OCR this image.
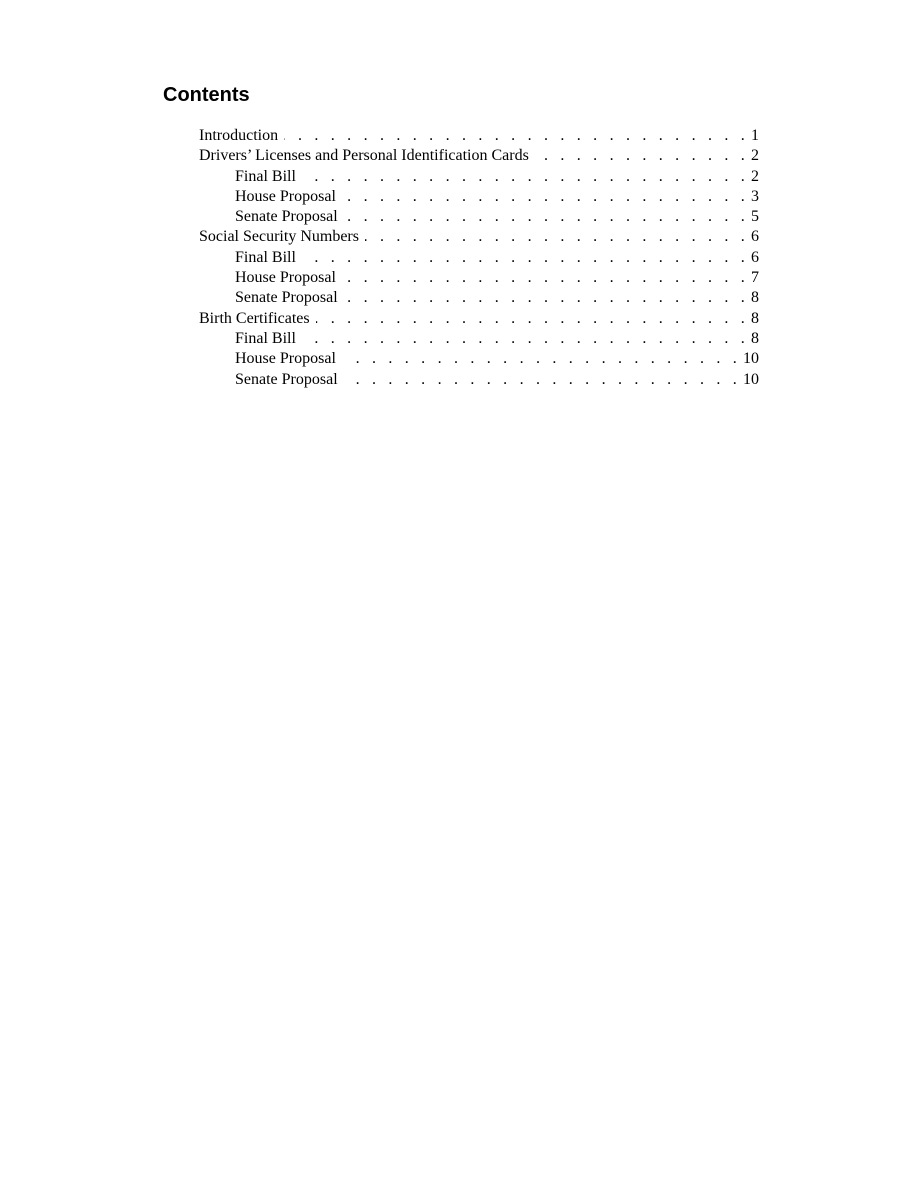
Contents
Introduction . . .	1
Drivers’ Licenses and Personal Identification Cards . . .	2
Final Bill . . .	2
House Proposal . . .	3
Senate Proposal . . .	5
Social Security Numbers . . .	6
Final Bill . . .	6
House Proposal . . .	7
Senate Proposal . . .	8
Birth Certificates . . .	8
Final Bill . . .	8
House Proposal . . .	10
Senate Proposal . . .	10
